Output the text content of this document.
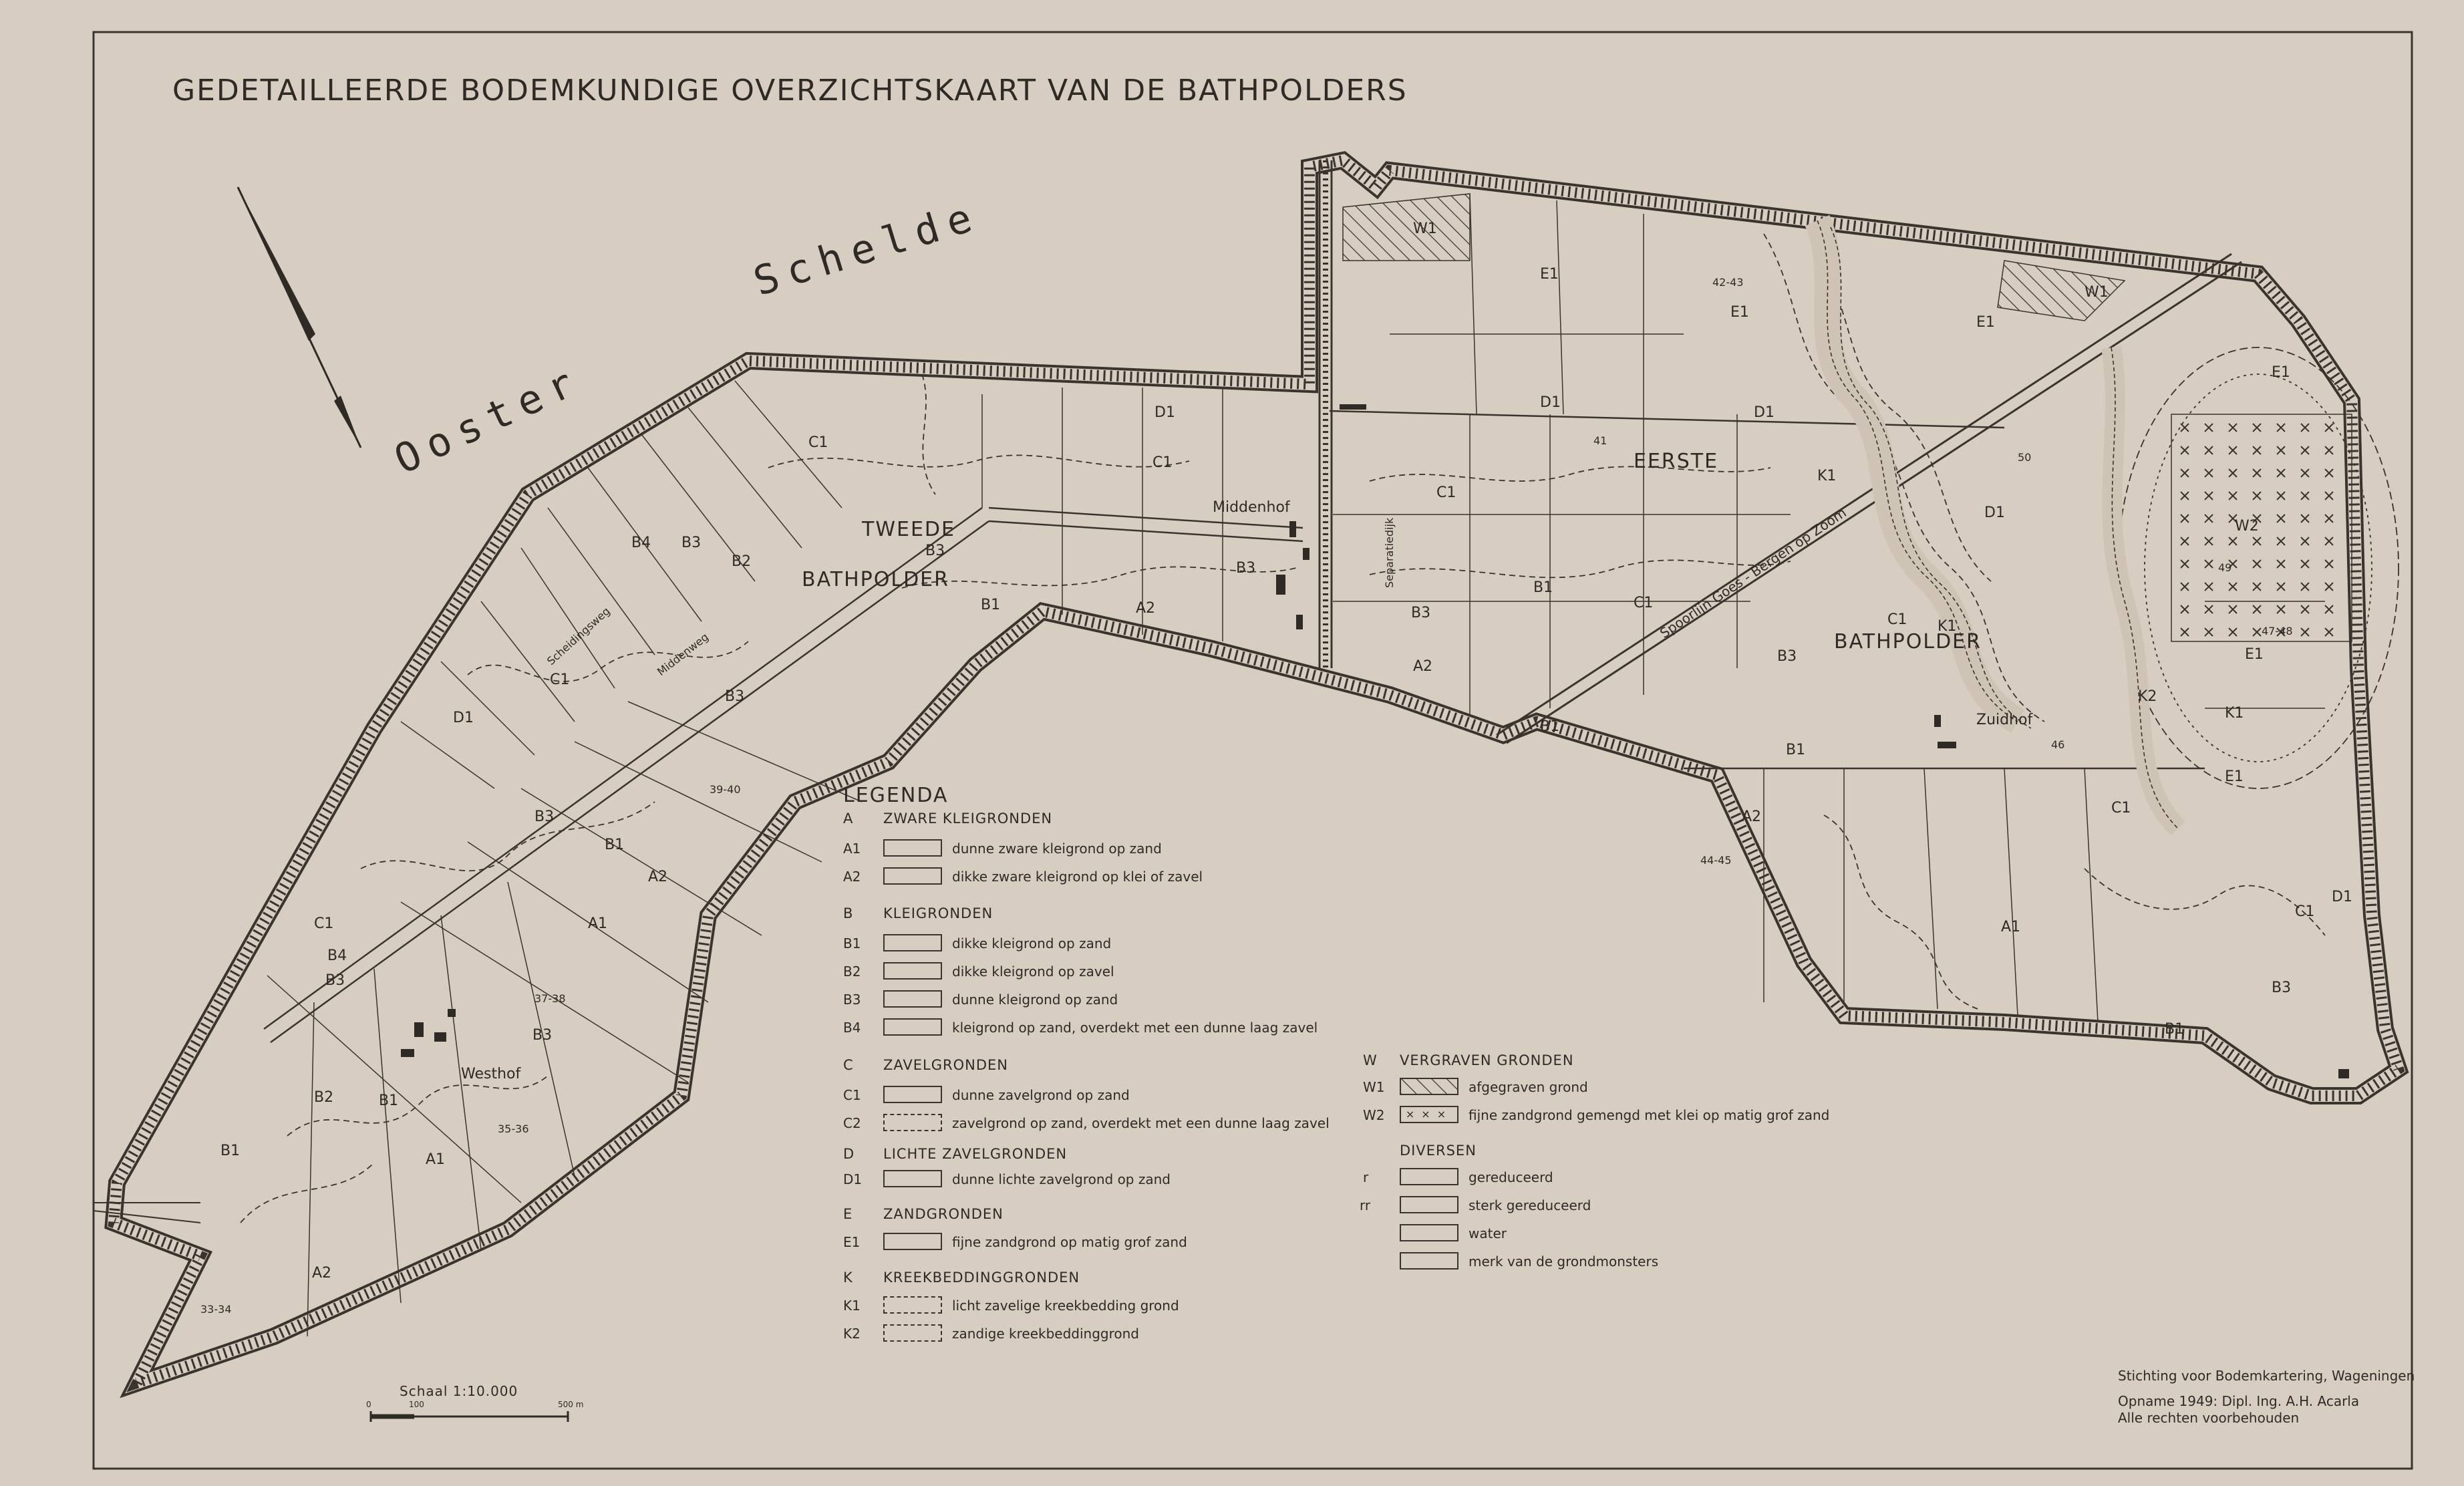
GEDETAILLEERDE BODEMKUNDIGE OVERZICHTSKAART VAN DE BATHPOLDERS
Ooster
Schelde
TWEEDE
BATHPOLDER
EERSTE
BATHPOLDER
Westhof
Middenhof
Zuidhof
Middenweg
Scheidingsweg	Spoorlijn Goes - Bergen op Zoom
Separatiedijk
C1
C1
D1
B4 B3
B2
B3
B1	A2
B3
B3
C1
D1
B3
B1
A2
A1
C1
B4
B3
B2	B1
B3
A1
B1
A2
W1
E1
E1
E1
E1
E1
E1
D1
D1
D1
D1
C1
C1
C1
C1
C1
B1
B3
B3
B3
A2
A2
B1
B1
B1
A1
K1
K1
K1
K2
W2
W1
33-34
35-36
37-38
39-40
41
42-43
44-45
46
47-48
49
50
LEGENDA
A ZWARE KLEIGRONDEN
A1	dunne zware kleigrond op zand
A2	dikke zware kleigrond op klei of zavel
B KLEIGRONDEN
B1	dikke kleigrond op zand
B2	dikke kleigrond op zavel
B3	dunne kleigrond op zand
B4	kleigrond op zand, overdekt met een dunne laag zavel
C ZAVELGRONDEN
C1	dunne zavelgrond op zand
C2	zavelgrond op zand, overdekt met een dunne laag zavel
D LICHTE ZAVELGRONDEN
D1	dunne lichte zavelgrond op zand
E ZANDGRONDEN
E1	fijne zandgrond op matig grof zand
K KREEKBEDDINGGRONDEN
K1	licht zavelige kreekbedding grond
K2	zandige kreekbeddinggrond
W VERGRAVEN GRONDEN
W1	afgegraven grond
W2	×××	fijne zandgrond gemengd met klei op matig grof zand
DIVERSEN
r	gereduceerd
rr	sterk gereduceerd
water
merk van de grondmonsters
Schaal 1:10.000
0	100	500 m
Stichting voor Bodemkartering, Wageningen
Opname 1949: Dipl. Ing. A.H. Acarla
Alle rechten voorbehouden
